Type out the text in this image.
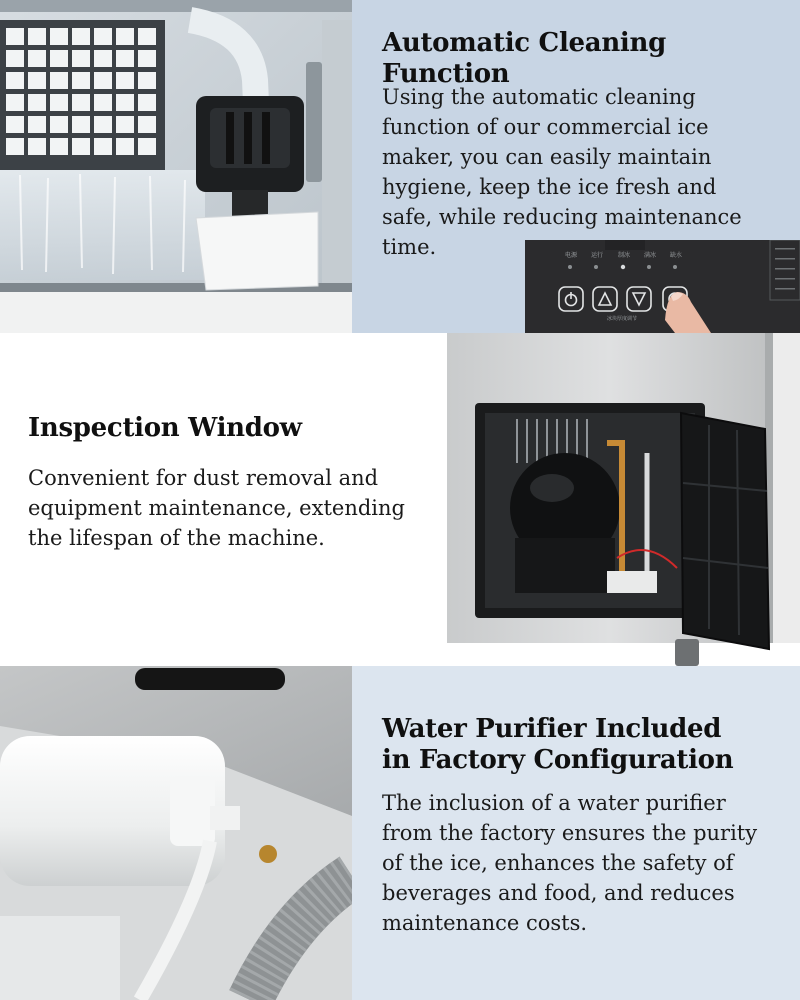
Automatic Cleaning Function

Using the automatic cleaning
function of our commercial ice
maker, you can easily maintain
hygiene, keep the ice fresh and
safe, while reducing maintenance
time.	电源 运行 制冰 满冰 缺水
冰块厚度调节
Inspection Window

Convenient for dust removal and
equipment maintenance, extending
the lifespan of the machine.

Water Purifier Included
in Factory Configuration

The inclusion of a water purifier
from the factory ensures the purity
of the ice, enhances the safety of
beverages and food, and reduces
maintenance costs.
